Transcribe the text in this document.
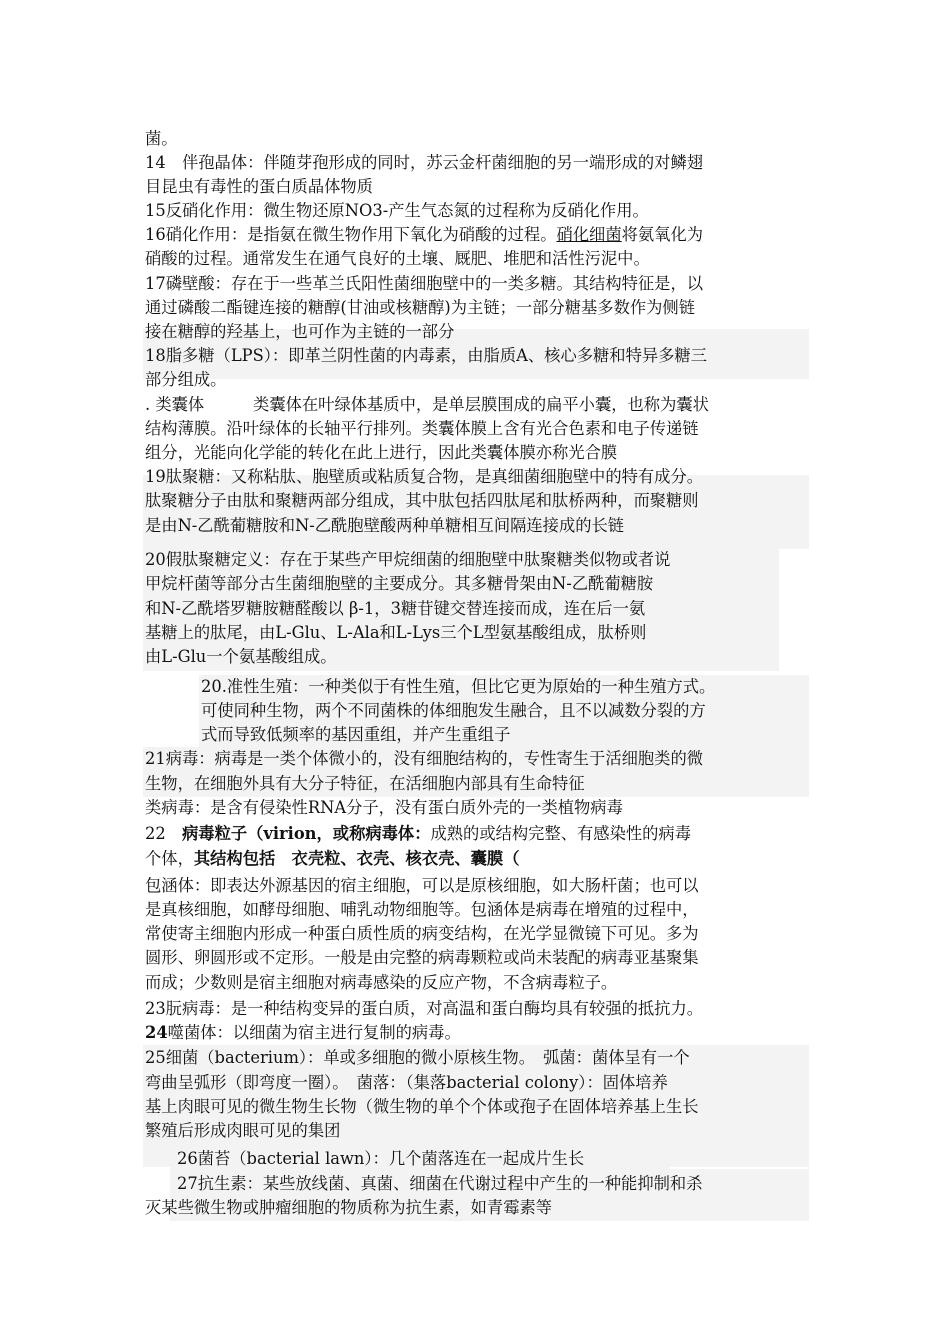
菌。
14　伴孢晶体：伴随芽孢形成的同时，苏云金杆菌细胞的另一端形成的对鳞翅
目昆虫有毒性的蛋白质晶体物质
15反硝化作用：微生物还原NO3-产生气态氮的过程称为反硝化作用。
16硝化作用：是指氨在微生物作用下氧化为硝酸的过程。硝化细菌将氨氧化为
硝酸的过程。通常发生在通气良好的土壤、厩肥、堆肥和活性污泥中。
17磷壁酸：存在于一些革兰氏阳性菌细胞壁中的一类多糖。其结构特征是，以
通过磷酸二酯键连接的糖醇(甘油或核糖醇)为主链；一部分糖基多数作为侧链
接在糖醇的羟基上，也可作为主链的一部分
18脂多糖（LPS）：即革兰阴性菌的内毒素，由脂质A、核心多糖和特异多糖三
部分组成。
. 类囊体　　　类囊体在叶绿体基质中，是单层膜围成的扁平小囊，也称为囊状
结构薄膜。沿叶绿体的长轴平行排列。类囊体膜上含有光合色素和电子传递链
组分，光能向化学能的转化在此上进行，因此类囊体膜亦称光合膜
19肽聚糖：又称粘肽、胞壁质或粘质复合物，是真细菌细胞壁中的特有成分。
肽聚糖分子由肽和聚糖两部分组成，其中肽包括四肽尾和肽桥两种，而聚糖则
是由N-乙酰葡糖胺和N-乙酰胞壁酸两种单糖相互间隔连接成的长链
20假肽聚糖定义：存在于某些产甲烷细菌的细胞壁中肽聚糖类似物或者说
甲烷杆菌等部分古生菌细胞壁的主要成分。其多糖骨架由N-乙酰葡糖胺
和N-乙酰塔罗糖胺糖醛酸以 β-1，3糖苷键交替连接而成，连在后一氨
基糖上的肽尾，由L-Glu、L-Ala和L-Lys三个L型氨基酸组成，肽桥则
由L-Glu一个氨基酸组成。
20.准性生殖：一种类似于有性生殖，但比它更为原始的一种生殖方式。
可使同种生物，两个不同菌株的体细胞发生融合，且不以减数分裂的方
式而导致低频率的基因重组，并产生重组子
21病毒：病毒是一类个体微小的，没有细胞结构的，专性寄生于活细胞类的微
生物，在细胞外具有大分子特征，在活细胞内部具有生命特征
类病毒：是含有侵染性RNA分子，没有蛋白质外壳的一类植物病毒
22　病毒粒子（virion，或称病毒体：成熟的或结构完整、有感染性的病毒
个体，其结构包括　衣壳粒、衣壳、核衣壳、囊膜（
包涵体：即表达外源基因的宿主细胞，可以是原核细胞，如大肠杆菌；也可以
是真核细胞，如酵母细胞、哺乳动物细胞等。包涵体是病毒在增殖的过程中，
常使寄主细胞内形成一种蛋白质性质的病变结构，在光学显微镜下可见。多为
圆形、卵圆形或不定形。一般是由完整的病毒颗粒或尚未装配的病毒亚基聚集
而成；少数则是宿主细胞对病毒感染的反应产物，不含病毒粒子。
23朊病毒：是一种结构变异的蛋白质，对高温和蛋白酶均具有较强的抵抗力。
24噬菌体：以细菌为宿主进行复制的病毒。
25细菌（bacterium）：单或多细胞的微小原核生物。　弧菌：菌体呈有一个
弯曲呈弧形（即弯度一圈）。　菌落：（集落bacterial colony）：固体培养
基上肉眼可见的微生物生长物（微生物的单个个体或孢子在固体培养基上生长
繁殖后形成肉眼可见的集团
26菌苔（bacterial lawn）：几个菌落连在一起成片生长
27抗生素：某些放线菌、真菌、细菌在代谢过程中产生的一种能抑制和杀
灭某些微生物或肿瘤细胞的物质称为抗生素，如青霉素等
